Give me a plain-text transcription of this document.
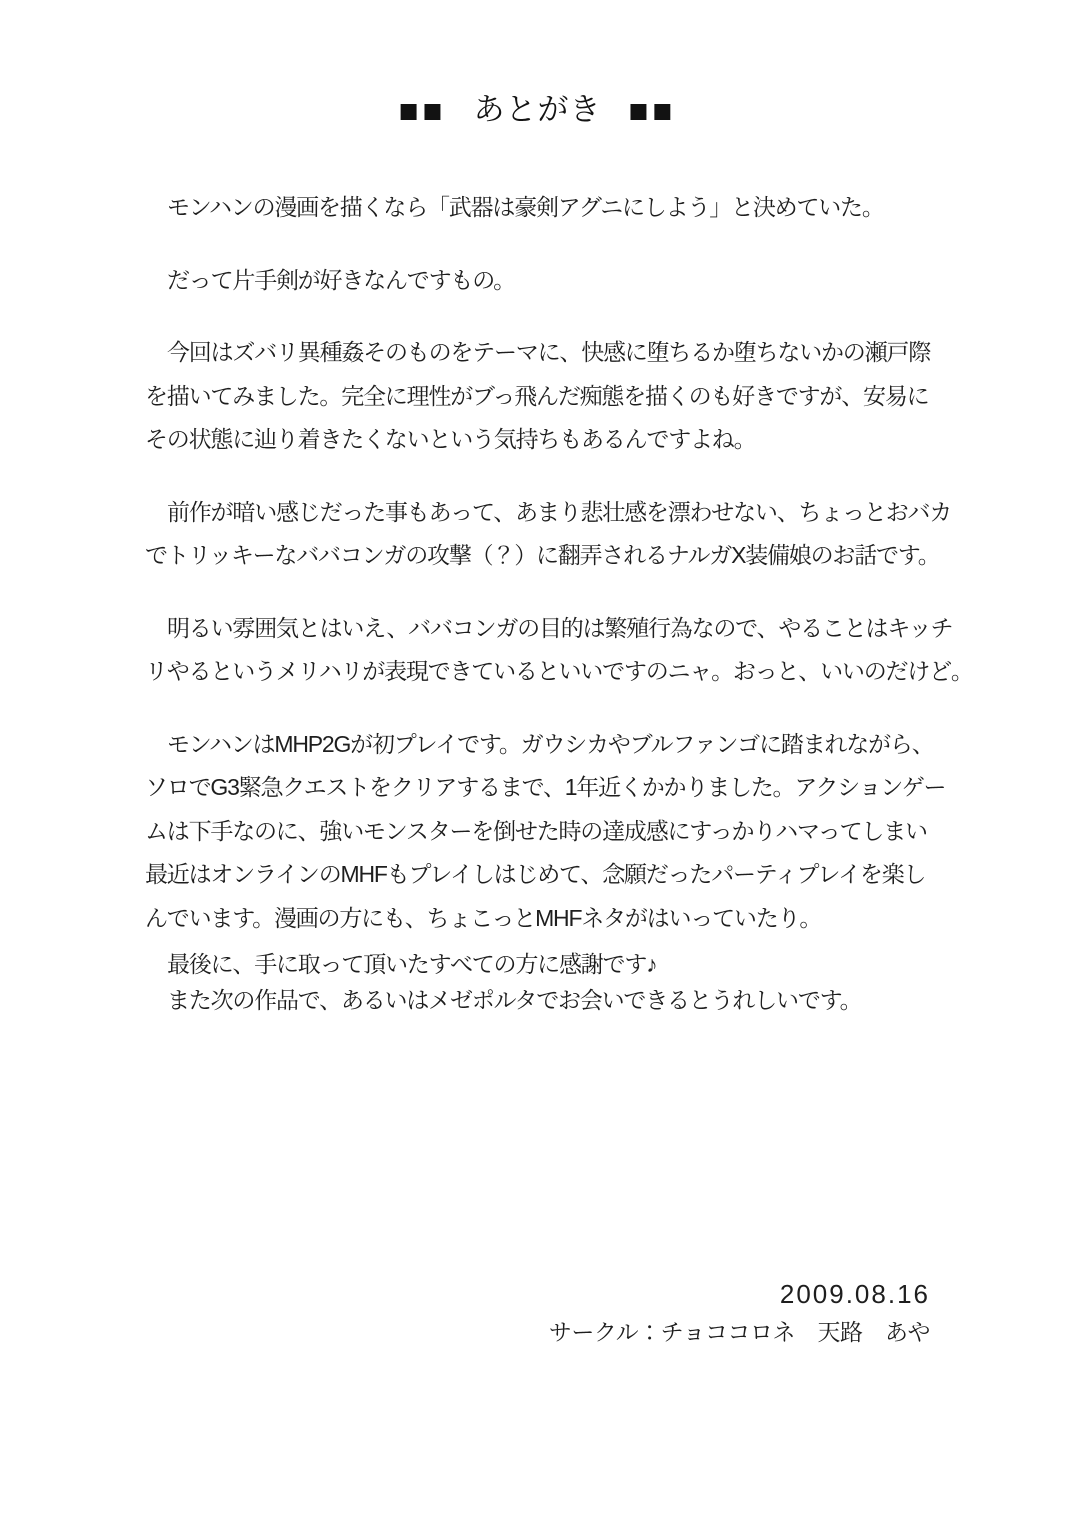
■■ あとがき ■■
モンハンの漫画を描くなら「武器は豪剣アグニにしよう」と決めていた。
だって片手剣が好きなんですもの。
今回はズバリ異種姦そのものをテーマに、快感に堕ちるか堕ちないかの瀬戸際
を描いてみました。完全に理性がブっ飛んだ痴態を描くのも好きですが、安易に
その状態に辿り着きたくないという気持ちもあるんですよね。
前作が暗い感じだった事もあって、あまり悲壮感を漂わせない、ちょっとおバカ
でトリッキーなババコンガの攻撃（？）に翻弄されるナルガX装備娘のお話です。
明るい雰囲気とはいえ、ババコンガの目的は繁殖行為なので、やることはキッチ
リやるというメリハリが表現できているといいですのニャ。おっと、いいのだけど。
モンハンはMHP2Gが初プレイです。ガウシカやブルファンゴに踏まれながら、
ソロでG3緊急クエストをクリアするまで、1年近くかかりました。アクションゲー
ムは下手なのに、強いモンスターを倒せた時の達成感にすっかりハマってしまい
最近はオンラインのMHFもプレイしはじめて、念願だったパーティプレイを楽し
んでいます。漫画の方にも、ちょこっとMHFネタがはいっていたり。
最後に、手に取って頂いたすべての方に感謝です♪
また次の作品で、あるいはメゼポルタでお会いできるとうれしいです。
2009.08.16
サークル：チョココロネ　天路　あや
